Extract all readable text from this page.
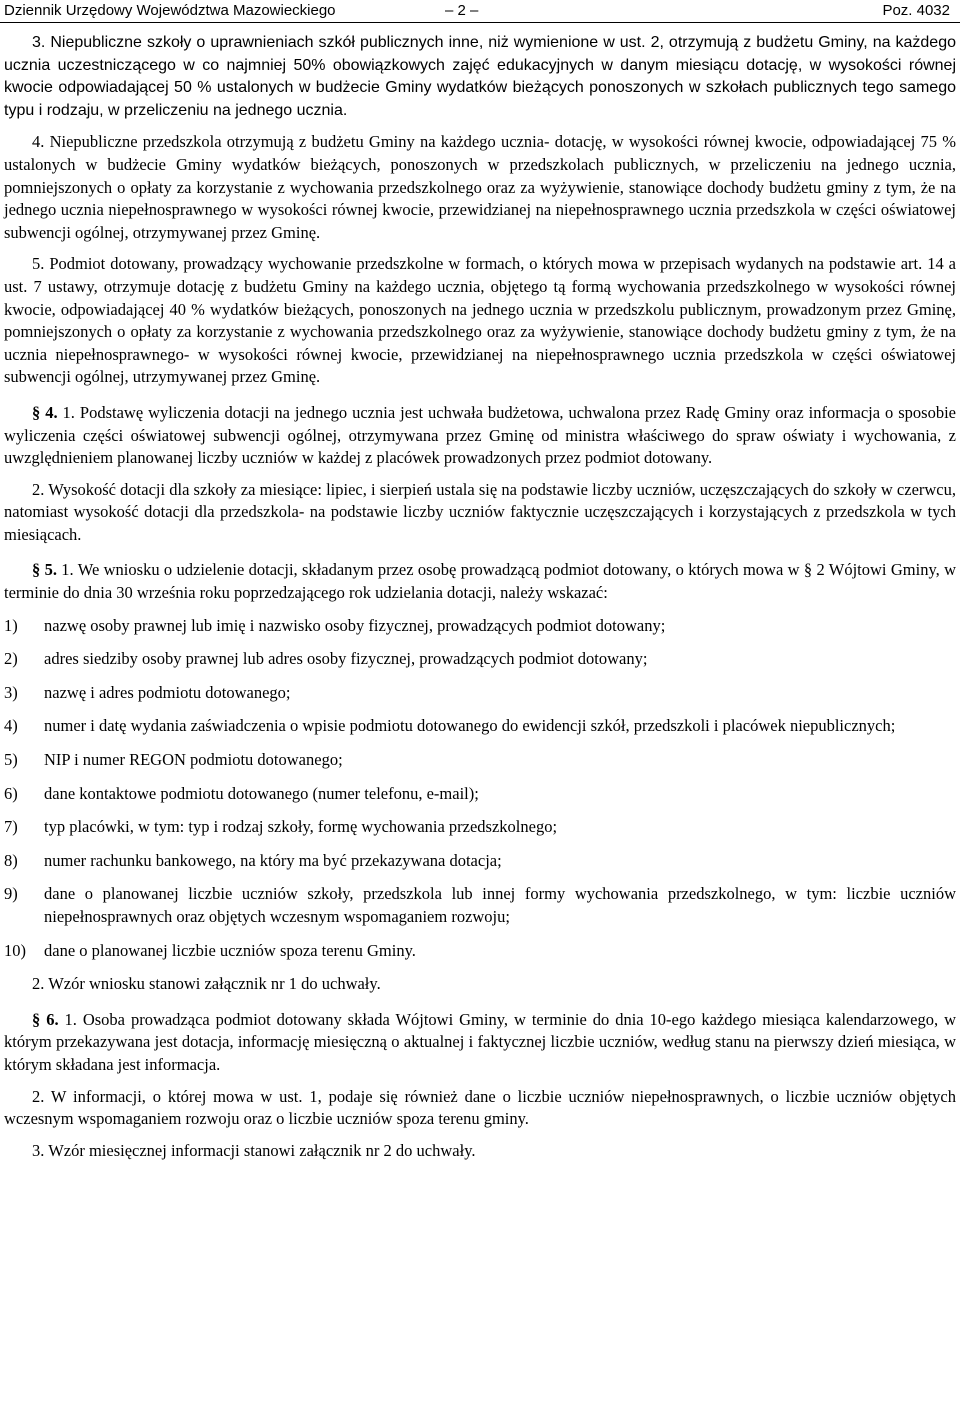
Dziennik Urzędowy Województwa Mazowieckiego	– 2 –	Poz. 4032

3. Niepubliczne szkoły o uprawnieniach szkół publicznych inne, niż wymienione w ust. 2, otrzymują z budżetu Gminy, na każdego ucznia uczestniczącego w co najmniej 50% obowiązkowych zajęć edukacyjnych w danym miesiącu dotację, w wysokości równej kwocie odpowiadającej 50 % ustalonych w budżecie Gminy wydatków bieżących ponoszonych w szkołach publicznych tego samego typu i rodzaju, w przeliczeniu na jednego ucznia.

4. Niepubliczne przedszkola otrzymują z budżetu Gminy na każdego ucznia- dotację, w wysokości równej kwocie, odpowiadającej 75 % ustalonych w budżecie Gminy wydatków bieżących, ponoszonych w przedszkolach publicznych, w przeliczeniu na jednego ucznia, pomniejszonych o opłaty za korzystanie z wychowania przedszkolnego oraz za wyżywienie, stanowiące dochody budżetu gminy z tym, że na jednego ucznia niepełnosprawnego w wysokości równej kwocie, przewidzianej na niepełnosprawnego ucznia przedszkola w części oświatowej subwencji ogólnej, otrzymywanej przez Gminę.

5. Podmiot dotowany, prowadzący wychowanie przedszkolne w formach, o których mowa w przepisach wydanych na podstawie art. 14 a ust. 7 ustawy, otrzymuje dotację z budżetu Gminy na każdego ucznia, objętego tą formą wychowania przedszkolnego w wysokości równej kwocie, odpowiadającej 40 % wydatków bieżących, ponoszonych na jednego ucznia w przedszkolu publicznym, prowadzonym przez Gminę, pomniejszonych o opłaty za korzystanie z wychowania przedszkolnego oraz za wyżywienie, stanowiące dochody budżetu gminy z tym, że na ucznia niepełnosprawnego- w wysokości równej kwocie, przewidzianej na niepełnosprawnego ucznia przedszkola w części oświatowej subwencji ogólnej, utrzymywanej przez Gminę.

§ 4. 1. Podstawę wyliczenia dotacji na jednego ucznia jest uchwała budżetowa, uchwalona przez Radę Gminy oraz informacja o sposobie wyliczenia części oświatowej subwencji ogólnej, otrzymywana przez Gminę od ministra właściwego do spraw oświaty i wychowania, z uwzględnieniem planowanej liczby uczniów w każdej z placówek prowadzonych przez podmiot dotowany.

2. Wysokość dotacji dla szkoły za miesiące: lipiec, i sierpień ustala się na podstawie liczby uczniów, uczęszczających do szkoły w czerwcu, natomiast wysokość dotacji dla przedszkola- na podstawie liczby uczniów faktycznie uczęszczających i korzystających z przedszkola w tych miesiącach.

§ 5. 1. We wniosku o udzielenie dotacji, składanym przez osobę prowadzącą podmiot dotowany, o których mowa w § 2 Wójtowi Gminy, w terminie do dnia 30 września roku poprzedzającego rok udzielania dotacji, należy wskazać:

1) nazwę osoby prawnej lub imię i nazwisko osoby fizycznej, prowadzących podmiot dotowany;
2) adres siedziby osoby prawnej lub adres osoby fizycznej, prowadzących podmiot dotowany;
3) nazwę i adres podmiotu dotowanego;
4) numer i datę wydania zaświadczenia o wpisie podmiotu dotowanego do ewidencji szkół, przedszkoli i placówek niepublicznych;
5) NIP i numer REGON podmiotu dotowanego;
6) dane kontaktowe podmiotu dotowanego (numer telefonu, e-mail);
7) typ placówki, w tym: typ i rodzaj szkoły, formę wychowania przedszkolnego;
8) numer rachunku bankowego, na który ma być przekazywana dotacja;
9) dane o planowanej liczbie uczniów szkoły, przedszkola lub innej formy wychowania przedszkolnego, w tym: liczbie uczniów niepełnosprawnych oraz objętych wczesnym wspomaganiem rozwoju;
10) dane o planowanej liczbie uczniów spoza terenu Gminy.

2. Wzór wniosku stanowi załącznik nr 1 do uchwały.

§ 6. 1. Osoba prowadząca podmiot dotowany składa Wójtowi Gminy, w terminie do dnia 10-ego każdego miesiąca kalendarzowego, w którym przekazywana jest dotacja, informację miesięczną o aktualnej i faktycznej liczbie uczniów, według stanu na pierwszy dzień miesiąca, w którym składana jest informacja.

2. W informacji, o której mowa w ust. 1, podaje się również dane o liczbie uczniów niepełnosprawnych, o liczbie uczniów objętych wczesnym wspomaganiem rozwoju oraz o liczbie uczniów spoza terenu gminy.

3. Wzór miesięcznej informacji stanowi załącznik nr 2 do uchwały.
